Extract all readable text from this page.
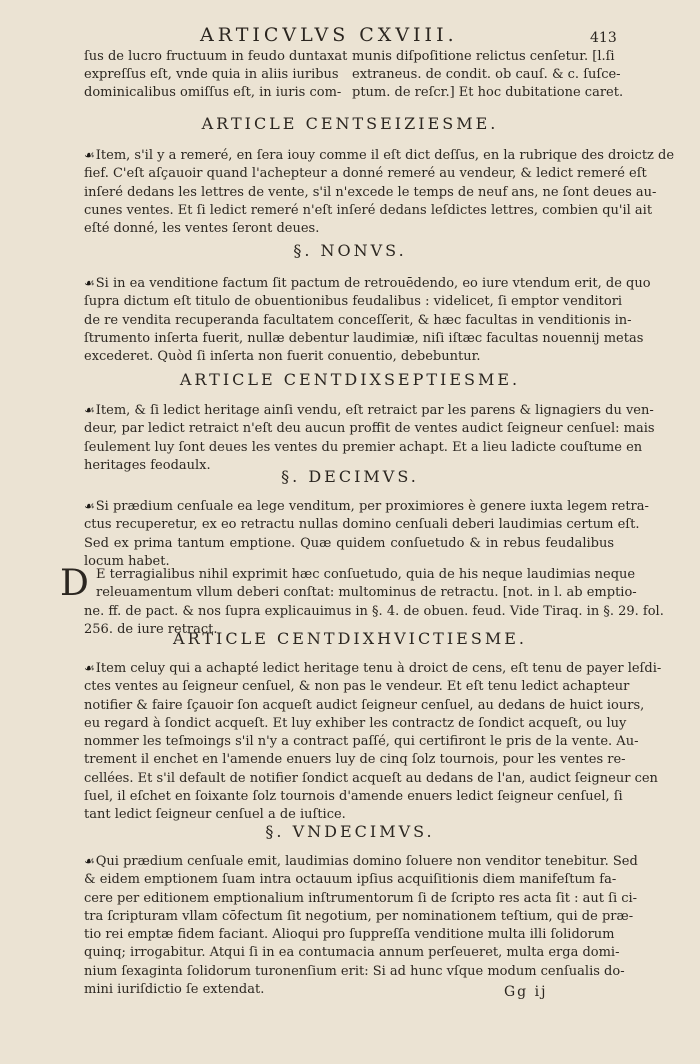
ARTICVLVS CXVIII.	413
ſus de lucro fructuum in feudo duntaxat
expreſſus eſt, vnde quia in aliis iuribus
dominicalibus omiſſus eſt, in iuris com-
munis diſpoſitione relictus cenſetur. [l.ſi
extraneus. de condit. ob cauſ. & c. ſuſce-
ptum. de reſcr.] Et hoc dubitatione caret.
ARTICLE CENTSEIZIESME.
☙Item, s'il y a remeré, en ſera iouy comme il eſt dict deſſus, en la rubrique des droictz de
fief. C'eſt aſçauoir quand l'achepteur a donné remeré au vendeur, & ledict remeré eſt
inſeré dedans les lettres de vente, s'il n'excede le temps de neuf ans, ne ſont deues au-
cunes ventes. Et ſi ledict remeré n'eſt inſeré dedans leſdictes lettres, combien qu'il ait
eſté donné, les ventes ſeront deues.
§. NONVS.
☙Si in ea venditione factum ſit pactum de retrouēdendo, eo iure vtendum erit, de quo
ſupra dictum eſt titulo de obuentionibus feudalibus : videlicet, ſi emptor venditori
de re vendita recuperanda facultatem conceſſerit, & hæc facultas in venditionis in-
ſtrumento inſerta fuerit, nullæ debentur laudimiæ, niſi iſtæc facultas nouennij metas
excederet. Quòd ſi inſerta non fuerit conuentio, debebuntur.
ARTICLE CENTDIXSEPTIESME.
☙Item, & ſi ledict heritage ainſi vendu, eſt retraict par les parens & lignagiers du ven-
deur, par ledict retraict n'eſt deu aucun proffit de ventes audict ſeigneur cenſuel: mais
ſeulement luy ſont deues les ventes du premier achapt. Et a lieu ladicte couſtume en
heritages feodaulx.
§. DECIMVS.
☙Si prædium cenſuale ea lege venditum, per proximiores è genere iuxta legem retra-
ctus recuperetur, ex eo retractu nullas domino cenſuali deberi laudimias certum eſt.
Sed ex prima tantum emptione. Quæ quidem conſuetudo & in rebus feudalibus
locum habet.
D E terragialibus nihil exprimit hæc conſuetudo, quia de his neque laudimias neque
releuamentum vllum deberi conſtat: multominus de retractu. [not. in l. ab emptio-
ne. ff. de pact. & nos ſupra explicauimus in §. 4. de obuen. feud. Vide Tiraq. in §. 29. fol.
256. de iure retract.
ARTICLE CENTDIXHVICTIESME.
☙Item celuy qui a achapté ledict heritage tenu à droict de cens, eſt tenu de payer leſdi-
ctes ventes au ſeigneur cenſuel, & non pas le vendeur. Et eſt tenu ledict achapteur
notifier & faire ſçauoir ſon acqueſt audict ſeigneur cenſuel, au dedans de huict iours,
eu regard à ſondict acqueſt. Et luy exhiber les contractz de ſondict acqueſt, ou luy
nommer les teſmoings s'il n'y a contract paſſé, qui certifiront le pris de la vente. Au-
trement il enchet en l'amende enuers luy de cinq ſolz tournois, pour les ventes re-
cellées. Et s'il default de notifier ſondict acqueſt au dedans de l'an, audict ſeigneur cen
ſuel, il eſchet en ſoixante ſolz tournois d'amende enuers ledict ſeigneur cenſuel, ſi
tant ledict ſeigneur cenſuel a de iuſtice.
§. VNDECIMVS.
☙Qui prædium cenſuale emit, laudimias domino ſoluere non venditor tenebitur. Sed
& eidem emptionem ſuam intra octauum ipſius acquiſitionis diem manifeſtum fa-
cere per editionem emptionalium inſtrumentorum ſi de ſcripto res acta ſit : aut ſi ci-
tra ſcripturam vllam cōfectum ſit negotium, per nominationem teſtium, qui de præ-
tio rei emptæ fidem faciant. Alioqui pro ſuppreſſa venditione multa illi ſolidorum
quinq; irrogabitur. Atqui ſi in ea contumacia annum perſeueret, multa erga domi-
nium ſexaginta ſolidorum turonenſium erit: Si ad hunc vſque modum cenſualis do-
mini iuriſdictio ſe extendat.	Gg ij
